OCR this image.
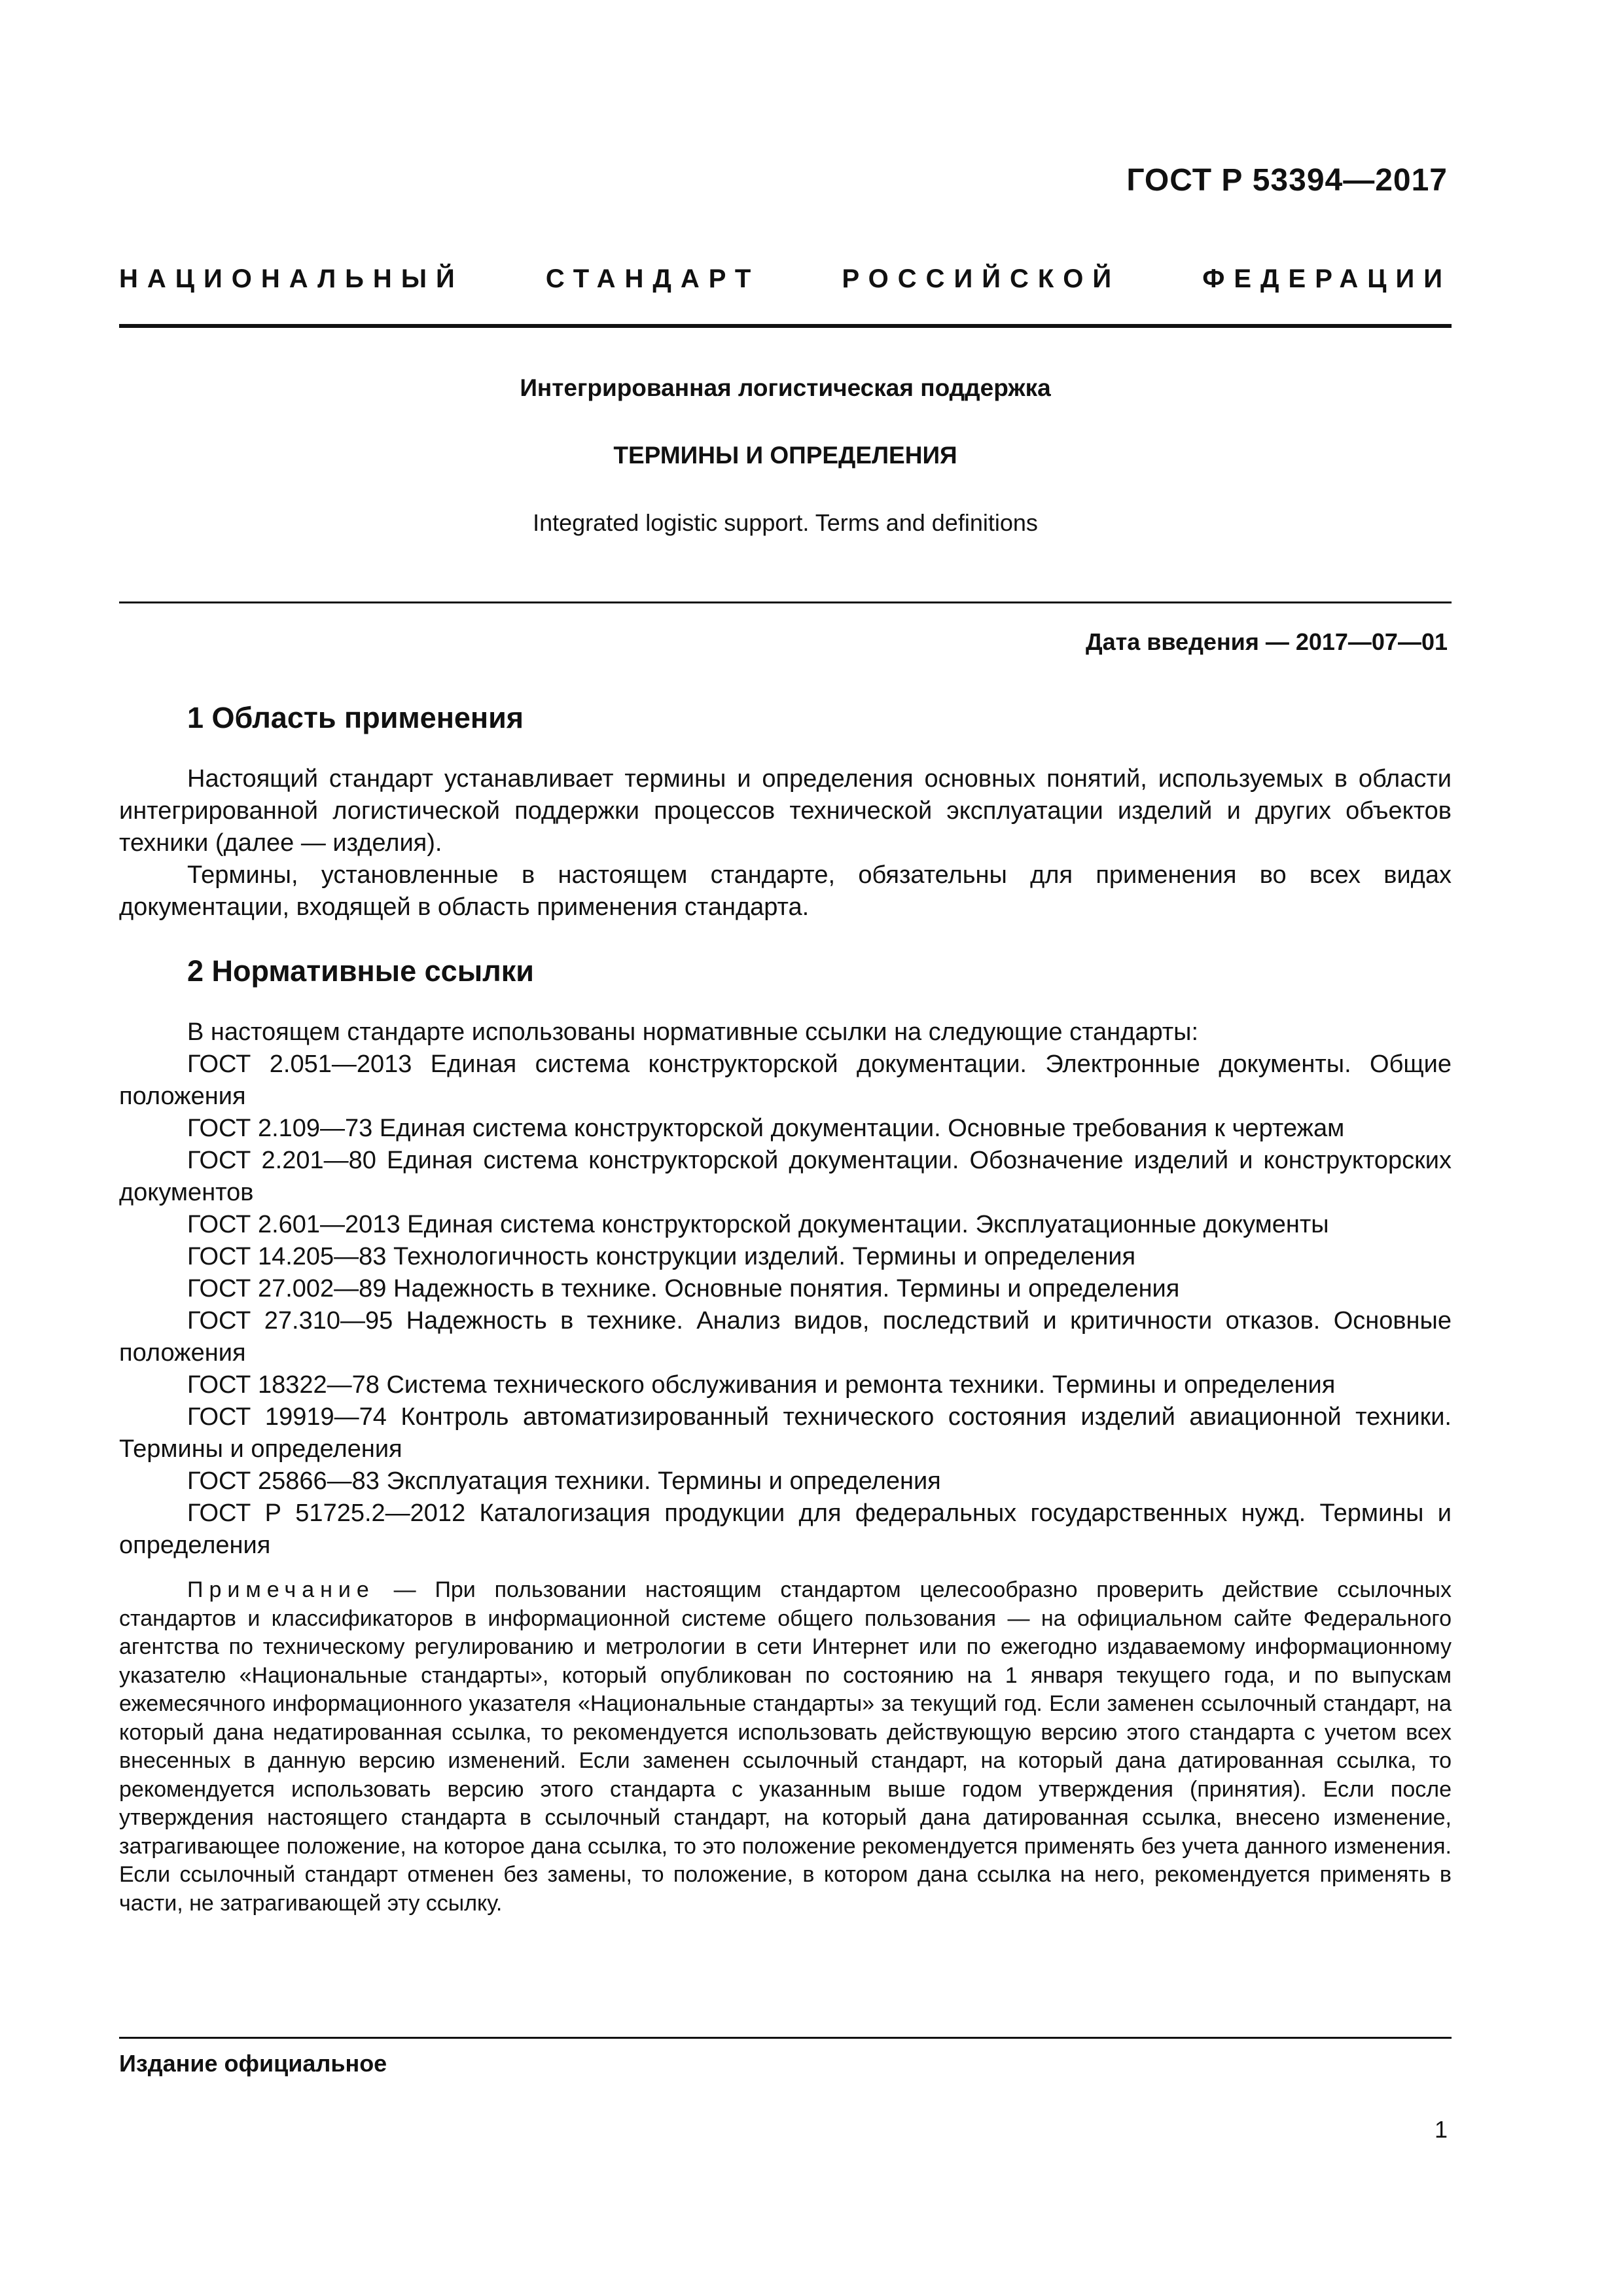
ГОСТ Р 53394—2017
НАЦИОНАЛЬНЫЙ	СТАНДАРТ	РОССИЙСКОЙ	ФЕДЕРАЦИИ
Интегрированная логистическая поддержка
ТЕРМИНЫ И ОПРЕДЕЛЕНИЯ
Integrated logistic support. Terms and definitions
Дата введения — 2017—07—01
1 Область применения

Настоящий стандарт устанавливает термины и определения основных понятий, используемых в области интегрированной логистической поддержки процессов технической эксплуатации изделий и других объектов техники (далее — изделия).

Термины, установленные в настоящем стандарте, обязательны для применения во всех видах документации, входящей в область применения стандарта.

2 Нормативные ссылки

В настоящем стандарте использованы нормативные ссылки на следующие стандарты:

ГОСТ 2.051—2013 Единая система конструкторской документации. Электронные документы. Общие положения

ГОСТ 2.109—73 Единая система конструкторской документации. Основные требования к чертежам

ГОСТ 2.201—80 Единая система конструкторской документации. Обозначение изделий и конструкторских документов

ГОСТ 2.601—2013 Единая система конструкторской документации. Эксплуатационные документы

ГОСТ 14.205—83 Технологичность конструкции изделий. Термины и определения

ГОСТ 27.002—89 Надежность в технике. Основные понятия. Термины и определения

ГОСТ 27.310—95 Надежность в технике. Анализ видов, последствий и критичности отказов. Основные положения

ГОСТ 18322—78 Система технического обслуживания и ремонта техники. Термины и определения

ГОСТ 19919—74 Контроль автоматизированный технического состояния изделий авиационной техники. Термины и определения

ГОСТ 25866—83 Эксплуатация техники. Термины и определения

ГОСТ Р 51725.2—2012 Каталогизация продукции для федеральных государственных нужд. Термины и определения

Примечание — При пользовании настоящим стандартом целесообразно проверить действие ссылочных стандартов и классификаторов в информационной системе общего пользования — на официальном сайте Федерального агентства по техническому регулированию и метрологии в сети Интернет или по ежегодно издаваемому информационному указателю «Национальные стандарты», который опубликован по состоянию на 1 января текущего года, и по выпускам ежемесячного информационного указателя «Национальные стандарты» за текущий год. Если заменен ссылочный стандарт, на который дана недатированная ссылка, то рекомендуется использовать действующую версию этого стандарта с учетом всех внесенных в данную версию изменений. Если заменен ссылочный стандарт, на который дана датированная ссылка, то рекомендуется использовать версию этого стандарта с указанным выше годом утверждения (принятия). Если после утверждения настоящего стандарта в ссылочный стандарт, на который дана датированная ссылка, внесено изменение, затрагивающее положение, на которое дана ссылка, то это положение рекомендуется применять без учета данного изменения. Если ссылочный стандарт отменен без замены, то положение, в котором дана ссылка на него, рекомендуется применять в части, не затрагивающей эту ссылку.

Издание официальное
1
